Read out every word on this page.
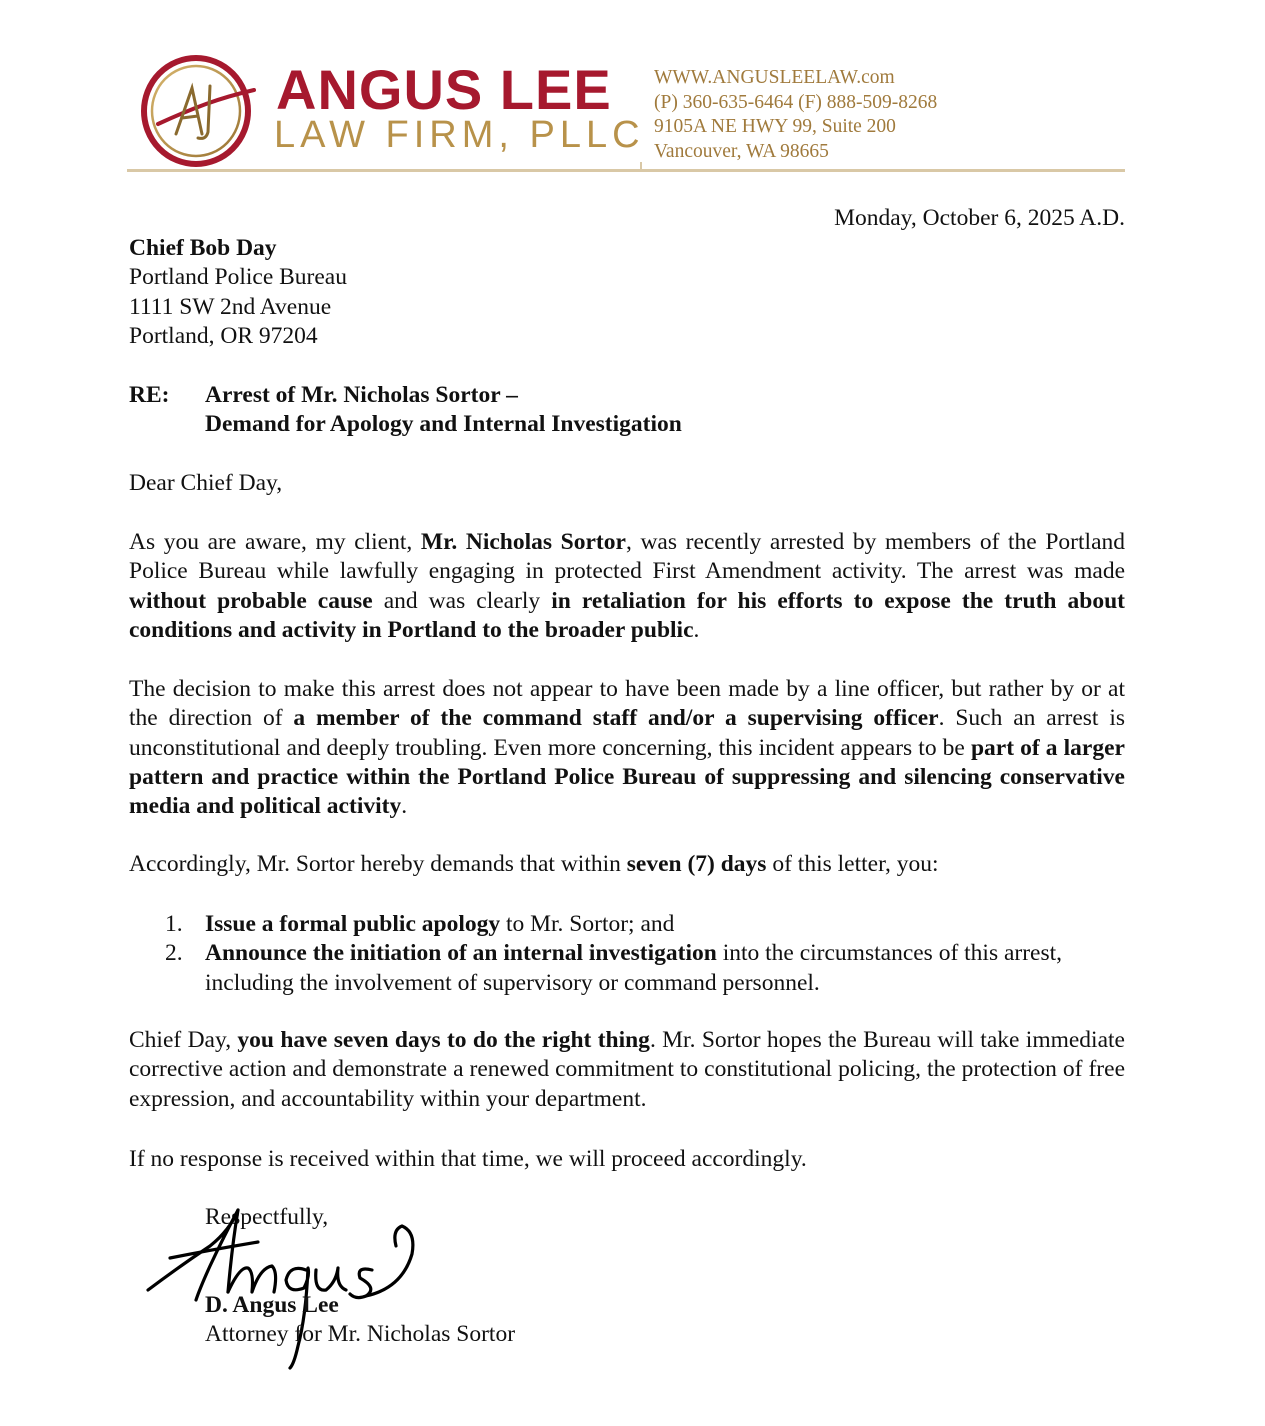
ANGUS LEE
LAW FIRM, PLLC
WWW.ANGUSLEELAW.com
(P) 360-635-6464 (F) 888-509-8268
9105A NE HWY 99, Suite 200
Vancouver, WA 98665
Monday, October 6, 2025 A.D.
Chief Bob Day
Portland Police Bureau
1111 SW 2nd Avenue
Portland, OR 97204
RE: Arrest of Mr. Nicholas Sortor –
Demand for Apology and Internal Investigation
Dear Chief Day,
As you are aware, my client, Mr. Nicholas Sortor, was recently arrested by members of the Portland Police Bureau while lawfully engaging in protected First Amendment activity. The arrest was made without probable cause and was clearly in retaliation for his efforts to expose the truth about conditions and activity in Portland to the broader public.
The decision to make this arrest does not appear to have been made by a line officer, but rather by or at the direction of a member of the command staff and/or a supervising officer. Such an arrest is unconstitutional and deeply troubling. Even more concerning, this incident appears to be part of a larger pattern and practice within the Portland Police Bureau of suppressing and silencing conservative media and political activity.
Accordingly, Mr. Sortor hereby demands that within seven (7) days of this letter, you:
1. Issue a formal public apology to Mr. Sortor; and
2. Announce the initiation of an internal investigation into the circumstances of this arrest, including the involvement of supervisory or command personnel.
Chief Day, you have seven days to do the right thing. Mr. Sortor hopes the Bureau will take immediate corrective action and demonstrate a renewed commitment to constitutional policing, the protection of free expression, and accountability within your department.
If no response is received within that time, we will proceed accordingly.
Respectfully,
D. Angus Lee
Attorney for Mr. Nicholas Sortor
